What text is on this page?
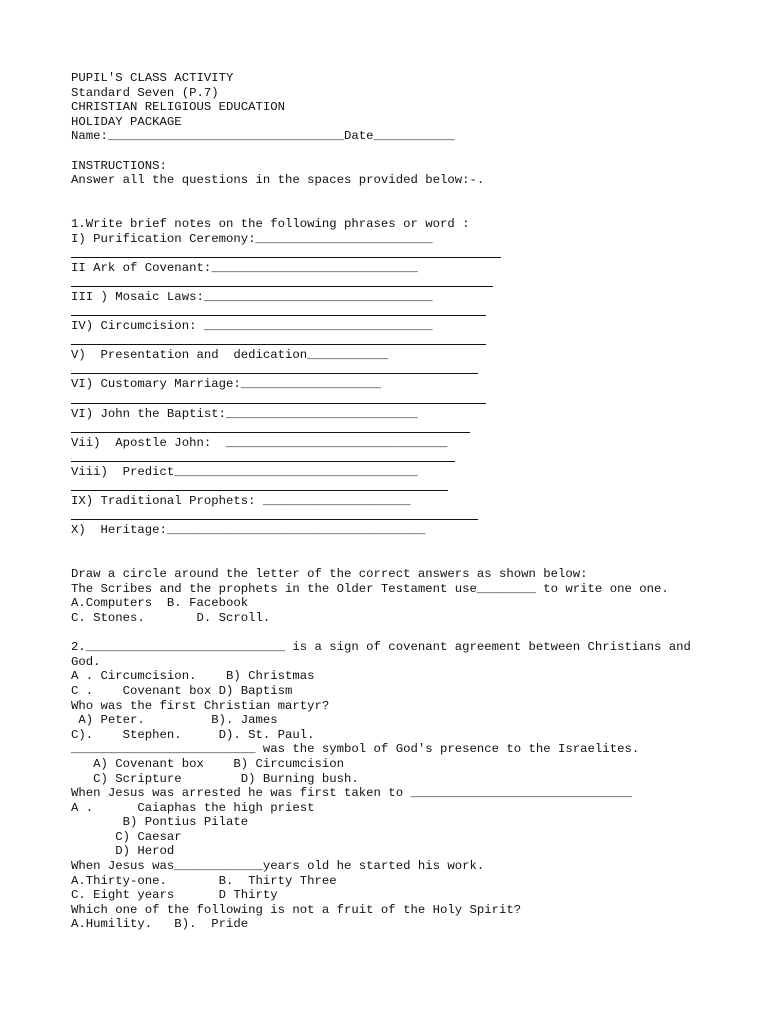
PUPIL'S CLASS ACTIVITY
Standard Seven (P.7)
CHRISTIAN RELIGIOUS EDUCATION
HOLIDAY PACKAGE
Name:________________________________Date___________
INSTRUCTIONS:
Answer all the questions in the spaces provided below:-.
1.Write brief notes on the following phrases or word :
I) Purification Ceremony:________________________
II Ark of Covenant:____________________________
III ) Mosaic Laws:_______________________________
IV) Circumcision: _______________________________
V)  Presentation and  dedication___________
VI) Customary Marriage:___________________
VI) John the Baptist:__________________________
Vii)  Apostle John:  ______________________________
Viii)  Predict_________________________________
IX) Traditional Prophets: ____________________
X)  Heritage:___________________________________
Draw a circle around the letter of the correct answers as shown below:
The Scribes and the prophets in the Older Testament use________ to write one one.
A.Computers  B. Facebook
C. Stones.       D. Scroll.
2.___________________________ is a sign of covenant agreement between Christians and
God.
A . Circumcision.    B) Christmas
C .    Covenant box D) Baptism
Who was the first Christian martyr?
A) Peter.         B). James
C).    Stephen.     D). St. Paul.
_________________________ was the symbol of God's presence to the Israelites.
A) Covenant box    B) Circumcision
C) Scripture        D) Burning bush.
When Jesus was arrested he was first taken to ______________________________
A .      Caiaphas the high priest
B) Pontius Pilate
C) Caesar
D) Herod
When Jesus was____________years old he started his work.
A.Thirty-one.       B.  Thirty Three
C. Eight years      D Thirty
Which one of the following is not a fruit of the Holy Spirit?
A.Humility.   B).  Pride
